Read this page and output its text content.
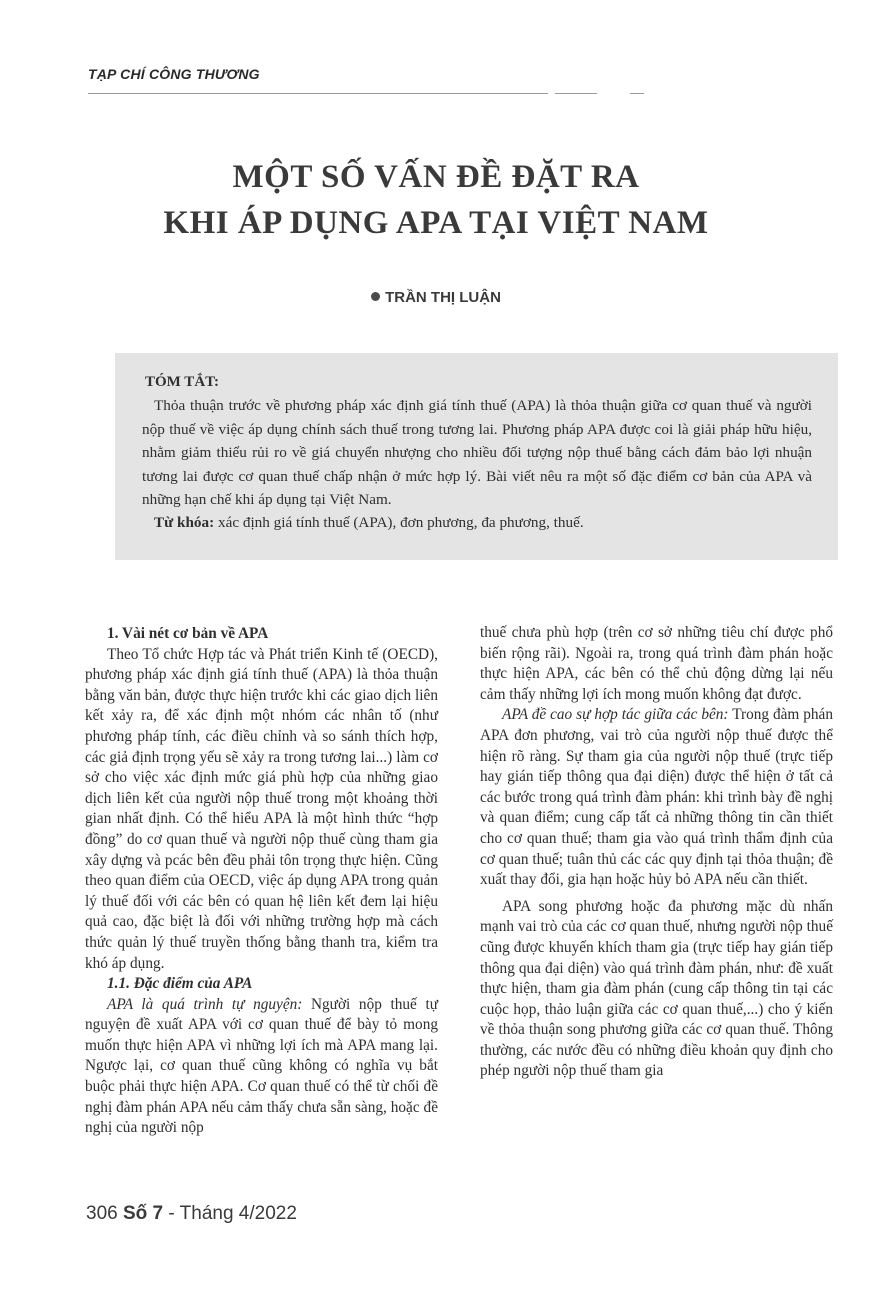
TẠP CHÍ CÔNG THƯƠNG
MỘT SỐ VẤN ĐỀ ĐẶT RA
KHI ÁP DỤNG APA TẠI VIỆT NAM
TRẦN THỊ LUẬN
TÓM TẮT:
Thỏa thuận trước về phương pháp xác định giá tính thuế (APA) là thỏa thuận giữa cơ quan thuế và người nộp thuế về việc áp dụng chính sách thuế trong tương lai. Phương pháp APA được coi là giải pháp hữu hiệu, nhằm giảm thiểu rủi ro về giá chuyển nhượng cho nhiều đối tượng nộp thuế bằng cách đảm bảo lợi nhuận tương lai được cơ quan thuế chấp nhận ở mức hợp lý. Bài viết nêu ra một số đặc điểm cơ bản của APA và những hạn chế khi áp dụng tại Việt Nam.
Từ khóa: xác định giá tính thuế (APA), đơn phương, đa phương, thuế.
1. Vài nét cơ bản về APA

Theo Tổ chức Hợp tác và Phát triển Kinh tế (OECD), phương pháp xác định giá tính thuế (APA) là thỏa thuận bằng văn bản, được thực hiện trước khi các giao dịch liên kết xảy ra, để xác định một nhóm các nhân tố (như phương pháp tính, các điều chỉnh và so sánh thích hợp, các giả định trọng yếu sẽ xảy ra trong tương lai...) làm cơ sở cho việc xác định mức giá phù hợp của những giao dịch liên kết của người nộp thuế trong một khoảng thời gian nhất định. Có thể hiểu APA là một hình thức “hợp đồng” do cơ quan thuế và người nộp thuế cùng tham gia xây dựng và pcác bên đều phải tôn trọng thực hiện. Cũng theo quan điểm của OECD, việc áp dụng APA trong quản lý thuế đối với các bên có quan hệ liên kết đem lại hiệu quả cao, đặc biệt là đối với những trường hợp mà cách thức quản lý thuế truyền thống bằng thanh tra, kiểm tra khó áp dụng.

1.1. Đặc điểm của APA

APA là quá trình tự nguyện: Người nộp thuế tự nguyện đề xuất APA với cơ quan thuế để bày tỏ mong muốn thực hiện APA vì những lợi ích mà APA mang lại. Ngược lại, cơ quan thuế cũng không có nghĩa vụ bắt buộc phải thực hiện APA. Cơ quan thuế có thể từ chối đề nghị đàm phán APA nếu cảm thấy chưa sẵn sàng, hoặc đề nghị của người nộp

thuế chưa phù hợp (trên cơ sở những tiêu chí được phổ biến rộng rãi). Ngoài ra, trong quá trình đàm phán hoặc thực hiện APA, các bên có thể chủ động dừng lại nếu cảm thấy những lợi ích mong muốn không đạt được.

APA đề cao sự hợp tác giữa các bên: Trong đàm phán APA đơn phương, vai trò của người nộp thuế được thể hiện rõ ràng. Sự tham gia của người nộp thuế (trực tiếp hay gián tiếp thông qua đại diện) được thể hiện ở tất cả các bước trong quá trình đàm phán: khi trình bày đề nghị và quan điểm; cung cấp tất cả những thông tin cần thiết cho cơ quan thuế; tham gia vào quá trình thẩm định của cơ quan thuế; tuân thủ các các quy định tại thỏa thuận; đề xuất thay đổi, gia hạn hoặc hủy bỏ APA nếu cần thiết.

APA song phương hoặc đa phương mặc dù nhấn mạnh vai trò của các cơ quan thuế, nhưng người nộp thuế cũng được khuyến khích tham gia (trực tiếp hay gián tiếp thông qua đại diện) vào quá trình đàm phán, như: đề xuất thực hiện, tham gia đàm phán (cung cấp thông tin tại các cuộc họp, thảo luận giữa các cơ quan thuế,...) cho ý kiến về thỏa thuận song phương giữa các cơ quan thuế. Thông thường, các nước đều có những điều khoản quy định cho phép người nộp thuế tham gia

306 Số 7 - Tháng 4/2022
